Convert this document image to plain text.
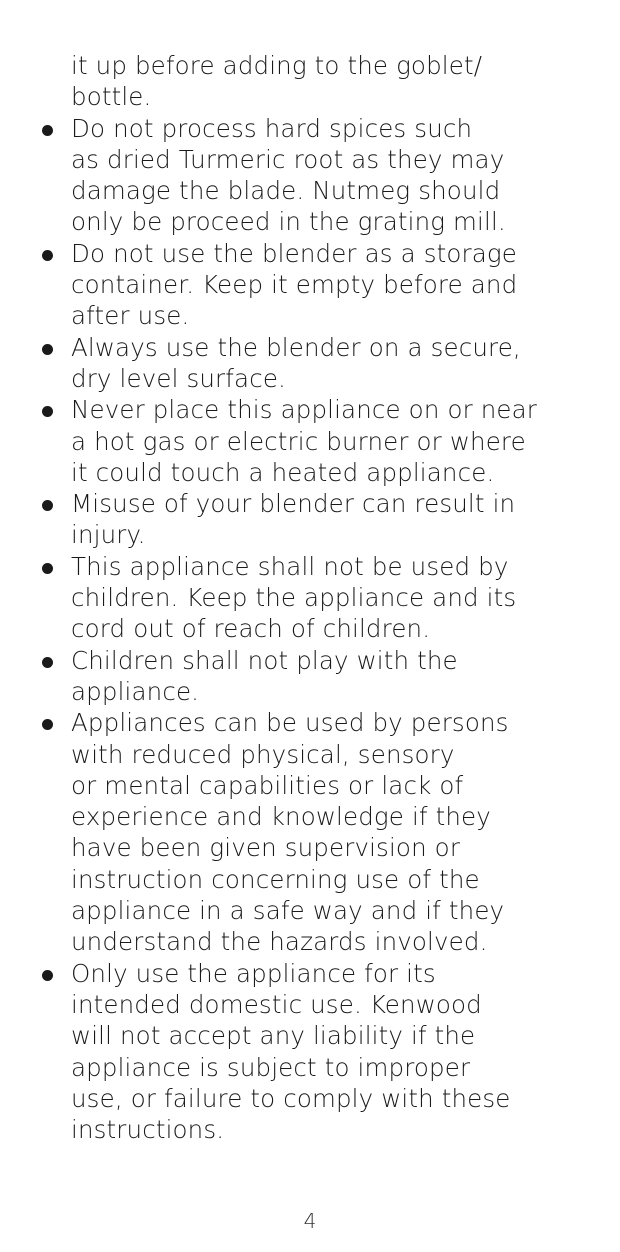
it up before adding to the goblet/
bottle.
Do not process hard spices such
as dried Turmeric root as they may
damage the blade. Nutmeg should
only be proceed in the grating mill.
Do not use the blender as a storage
container. Keep it empty before and
after use.
Always use the blender on a secure,
dry level surface.
Never place this appliance on or near
a hot gas or electric burner or where
it could touch a heated appliance.
Misuse of your blender can result in
injury.
This appliance shall not be used by
children. Keep the appliance and its
cord out of reach of children.
Children shall not play with the
appliance.
Appliances can be used by persons
with reduced physical, sensory
or mental capabilities or lack of
experience and knowledge if they
have been given supervision or
instruction concerning use of the
appliance in a safe way and if they
understand the hazards involved.
Only use the appliance for its
intended domestic use. Kenwood
will not accept any liability if the
appliance is subject to improper
use, or failure to comply with these
instructions.
4
